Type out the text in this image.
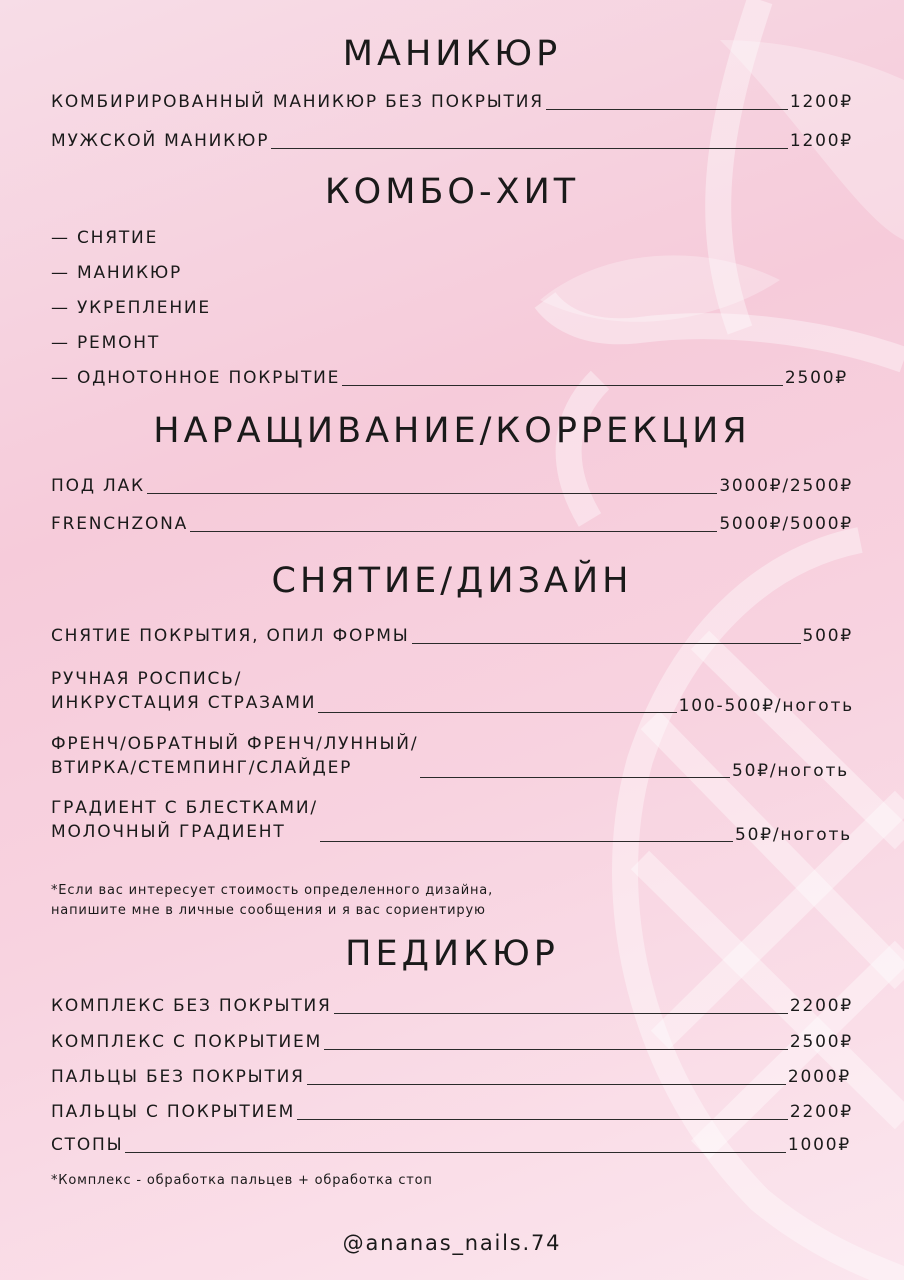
МАНИКЮР
КОМБИРИРОВАННЫЙ МАНИКЮР БЕЗ ПОКРЫТИЯ	1200₽
МУЖСКОЙ МАНИКЮР	1200₽
КОМБО-ХИТ
— СНЯТИЕ
— МАНИКЮР
— УКРЕПЛЕНИЕ
— РЕМОНТ
— ОДНОТОННОЕ ПОКРЫТИЕ	2500₽
НАРАЩИВАНИЕ/КОРРЕКЦИЯ
ПОД ЛАК	3000₽/2500₽
FRENCHZONA	5000₽/5000₽
СНЯТИЕ/ДИЗАЙН
СНЯТИЕ ПОКРЫТИЯ, ОПИЛ ФОРМЫ	500₽
РУЧНАЯ РОСПИСЬ/
ИНКРУСТАЦИЯ СТРАЗАМИ	100-500₽/ноготь
ФРЕНЧ/ОБРАТНЫЙ ФРЕНЧ/ЛУННЫЙ/
ВТИРКА/СТЕМПИНГ/СЛАЙДЕР	50₽/ноготь
ГРАДИЕНТ С БЛЕСТКАМИ/
МОЛОЧНЫЙ ГРАДИЕНТ	50₽/ноготь
*Если вас интересует стоимость определенного дизайна,
напишите мне в личные сообщения и я вас сориентирую
ПЕДИКЮР
КОМПЛЕКС БЕЗ ПОКРЫТИЯ	2200₽
КОМПЛЕКС С ПОКРЫТИЕМ	2500₽
ПАЛЬЦЫ БЕЗ ПОКРЫТИЯ	2000₽
ПАЛЬЦЫ С ПОКРЫТИЕМ	2200₽
СТОПЫ	1000₽
*Комплекс - обработка пальцев + обработка стоп
@ananas_nails.74
